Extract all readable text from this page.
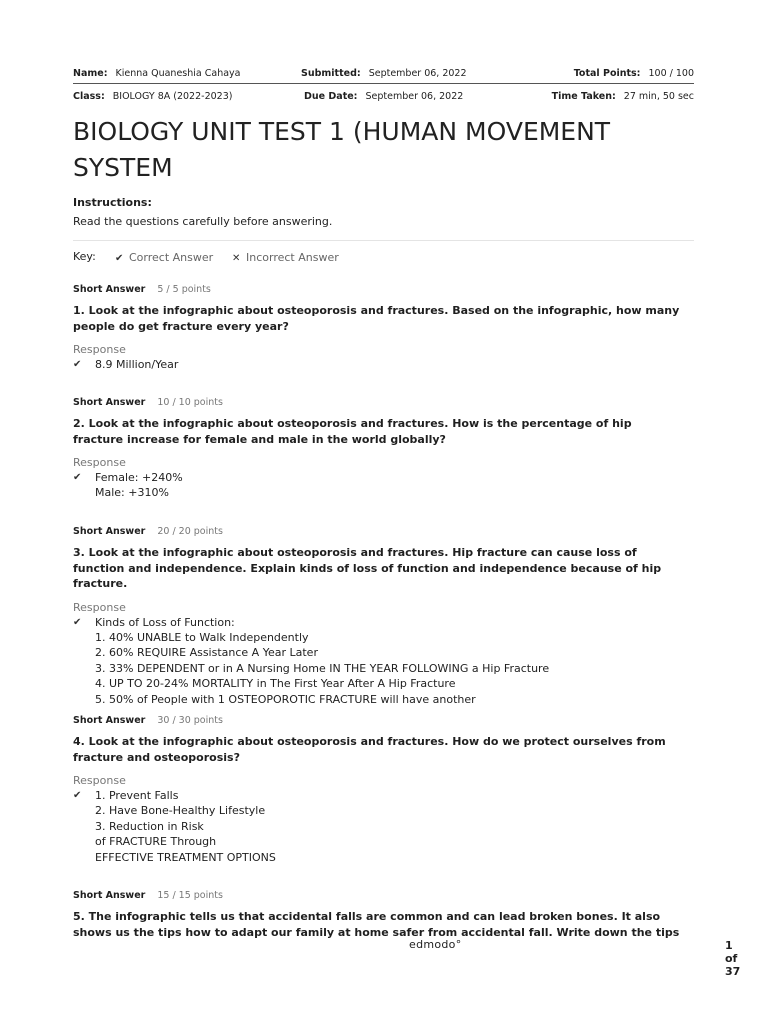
Name: Kienna Quaneshia Cahaya	Submitted: September 06, 2022	Total Points: 100 / 100
Class: BIOLOGY 8A (2022-2023)	Due Date: September 06, 2022	Time Taken: 27 min, 50 sec
BIOLOGY UNIT TEST 1 (HUMAN MOVEMENT SYSTEM
Instructions:
Read the questions carefully before answering.
Key: ✔ Correct Answer ✕ Incorrect Answer
Short Answer 5 / 5 points
1. Look at the infographic about osteoporosis and fractures. Based on the infographic, how many people do get fracture every year?
Response
✔ 8.9 Million/Year
Short Answer 10 / 10 points
2. Look at the infographic about osteoporosis and fractures. How is the percentage of hip fracture increase for female and male in the world globally?
Response
✔ Female: +240%
Male: +310%
Short Answer 20 / 20 points
3. Look at the infographic about osteoporosis and fractures. Hip fracture can cause loss of function and independence. Explain kinds of loss of function and independence because of hip fracture.
Response
✔ Kinds of Loss of Function:
1. 40% UNABLE to Walk Independently
2. 60% REQUIRE Assistance A Year Later
3. 33% DEPENDENT or in A Nursing Home IN THE YEAR FOLLOWING a Hip Fracture
4. UP TO 20-24% MORTALITY in The First Year After A Hip Fracture
5. 50% of People with 1 OSTEOPOROTIC FRACTURE will have another
Short Answer 30 / 30 points
4. Look at the infographic about osteoporosis and fractures. How do we protect ourselves from fracture and osteoporosis?
Response
✔ 1. Prevent Falls
2. Have Bone-Healthy Lifestyle
3. Reduction in Risk
of FRACTURE Through
EFFECTIVE TREATMENT OPTIONS
Short Answer 15 / 15 points
5. The infographic tells us that accidental falls are common and can lead broken bones. It also shows us the tips how to adapt our family at home safer from accidental fall. Write down the tips
edmodo°	1 of 37
